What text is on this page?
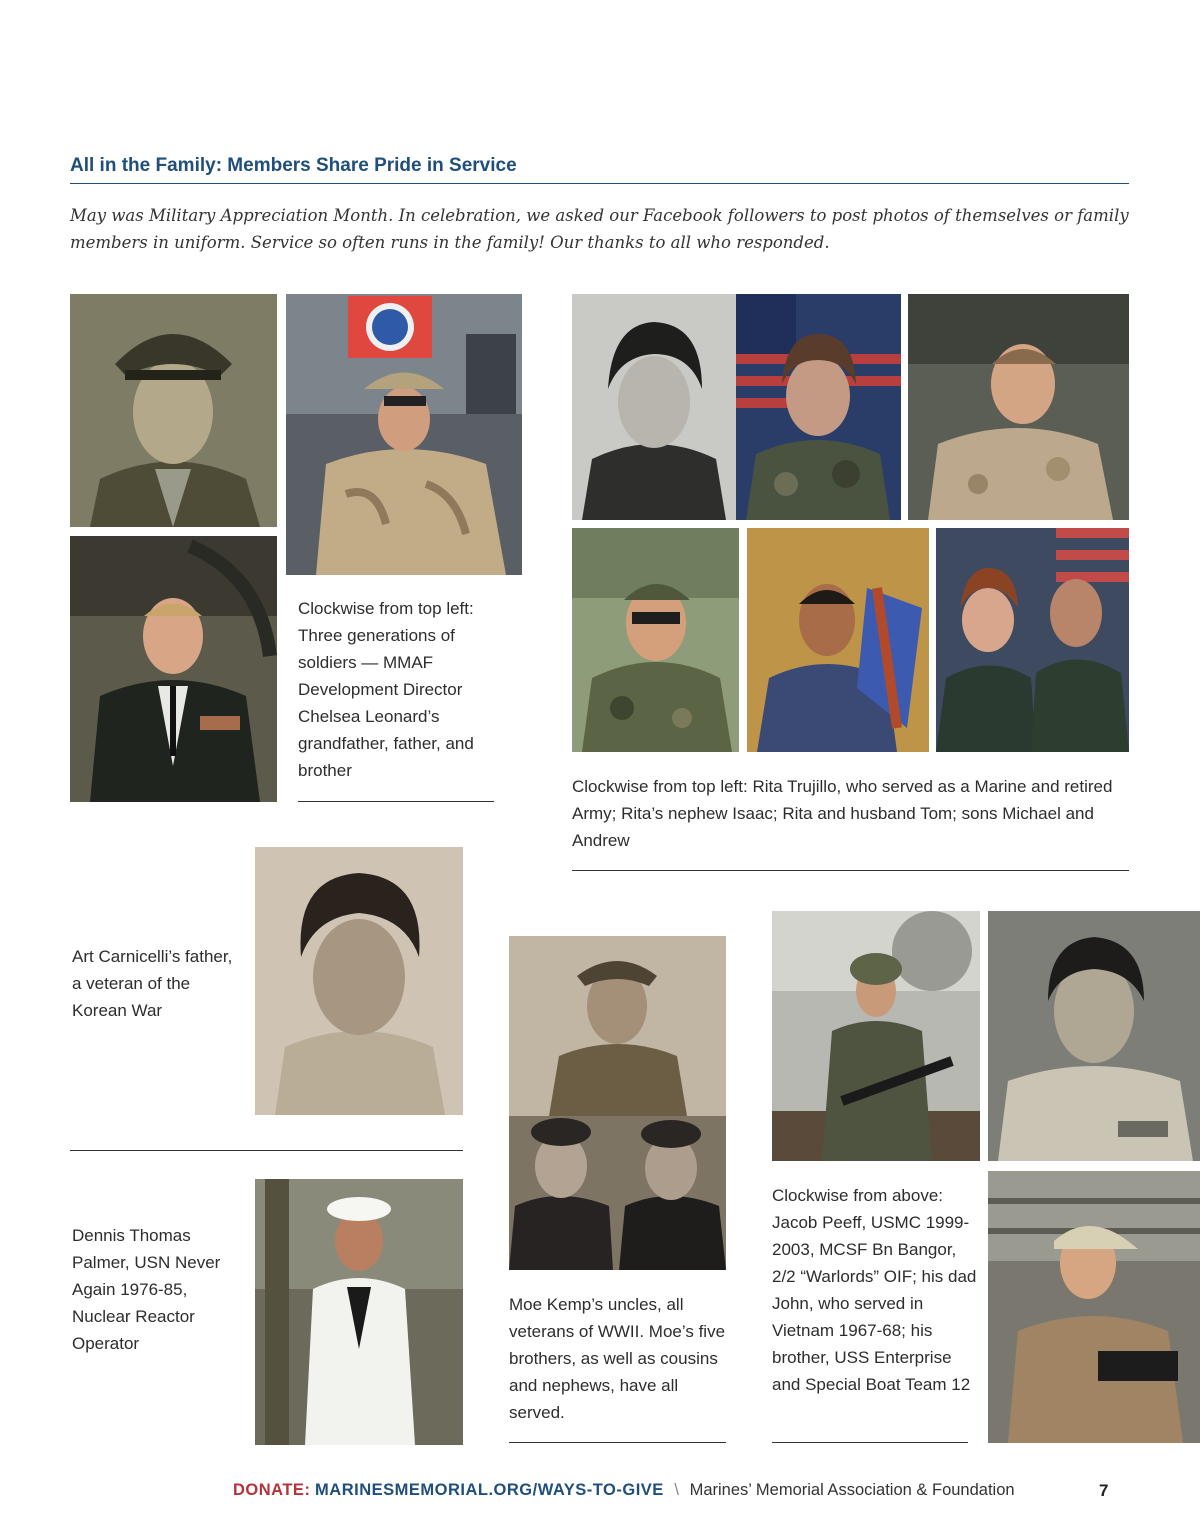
All in the Family: Members Share Pride in Service
May was Military Appreciation Month. In celebration, we asked our Facebook followers to post photos of themselves or family members in uniform. Service so often runs in the family! Our thanks to all who responded.
Clockwise from top left: Three generations of soldiers — MMAF Development Director Chelsea Leonard’s grandfather, father, and brother
Clockwise from top left: Rita Trujillo, who served as a Marine and retired Army; Rita’s nephew Isaac; Rita and husband Tom; sons Michael and Andrew
Art Carnicelli’s father, a veteran of the Korean War
Dennis Thomas Palmer, USN Never Again 1976-85, Nuclear Reactor Operator
Moe Kemp’s uncles, all veterans of WWII. Moe’s five brothers, as well as cousins and nephews, have all served.
Clockwise from above: Jacob Peeff, USMC 1999-2003, MCSF Bn Bangor, 2/2 “Warlords” OIF; his dad John, who served in Vietnam 1967-68; his brother, USS Enterprise and Special Boat Team 12
DONATE: MARINESMEMORIAL.ORG/WAYS-TO-GIVE \ Marines’ Memorial Association & Foundation	7
